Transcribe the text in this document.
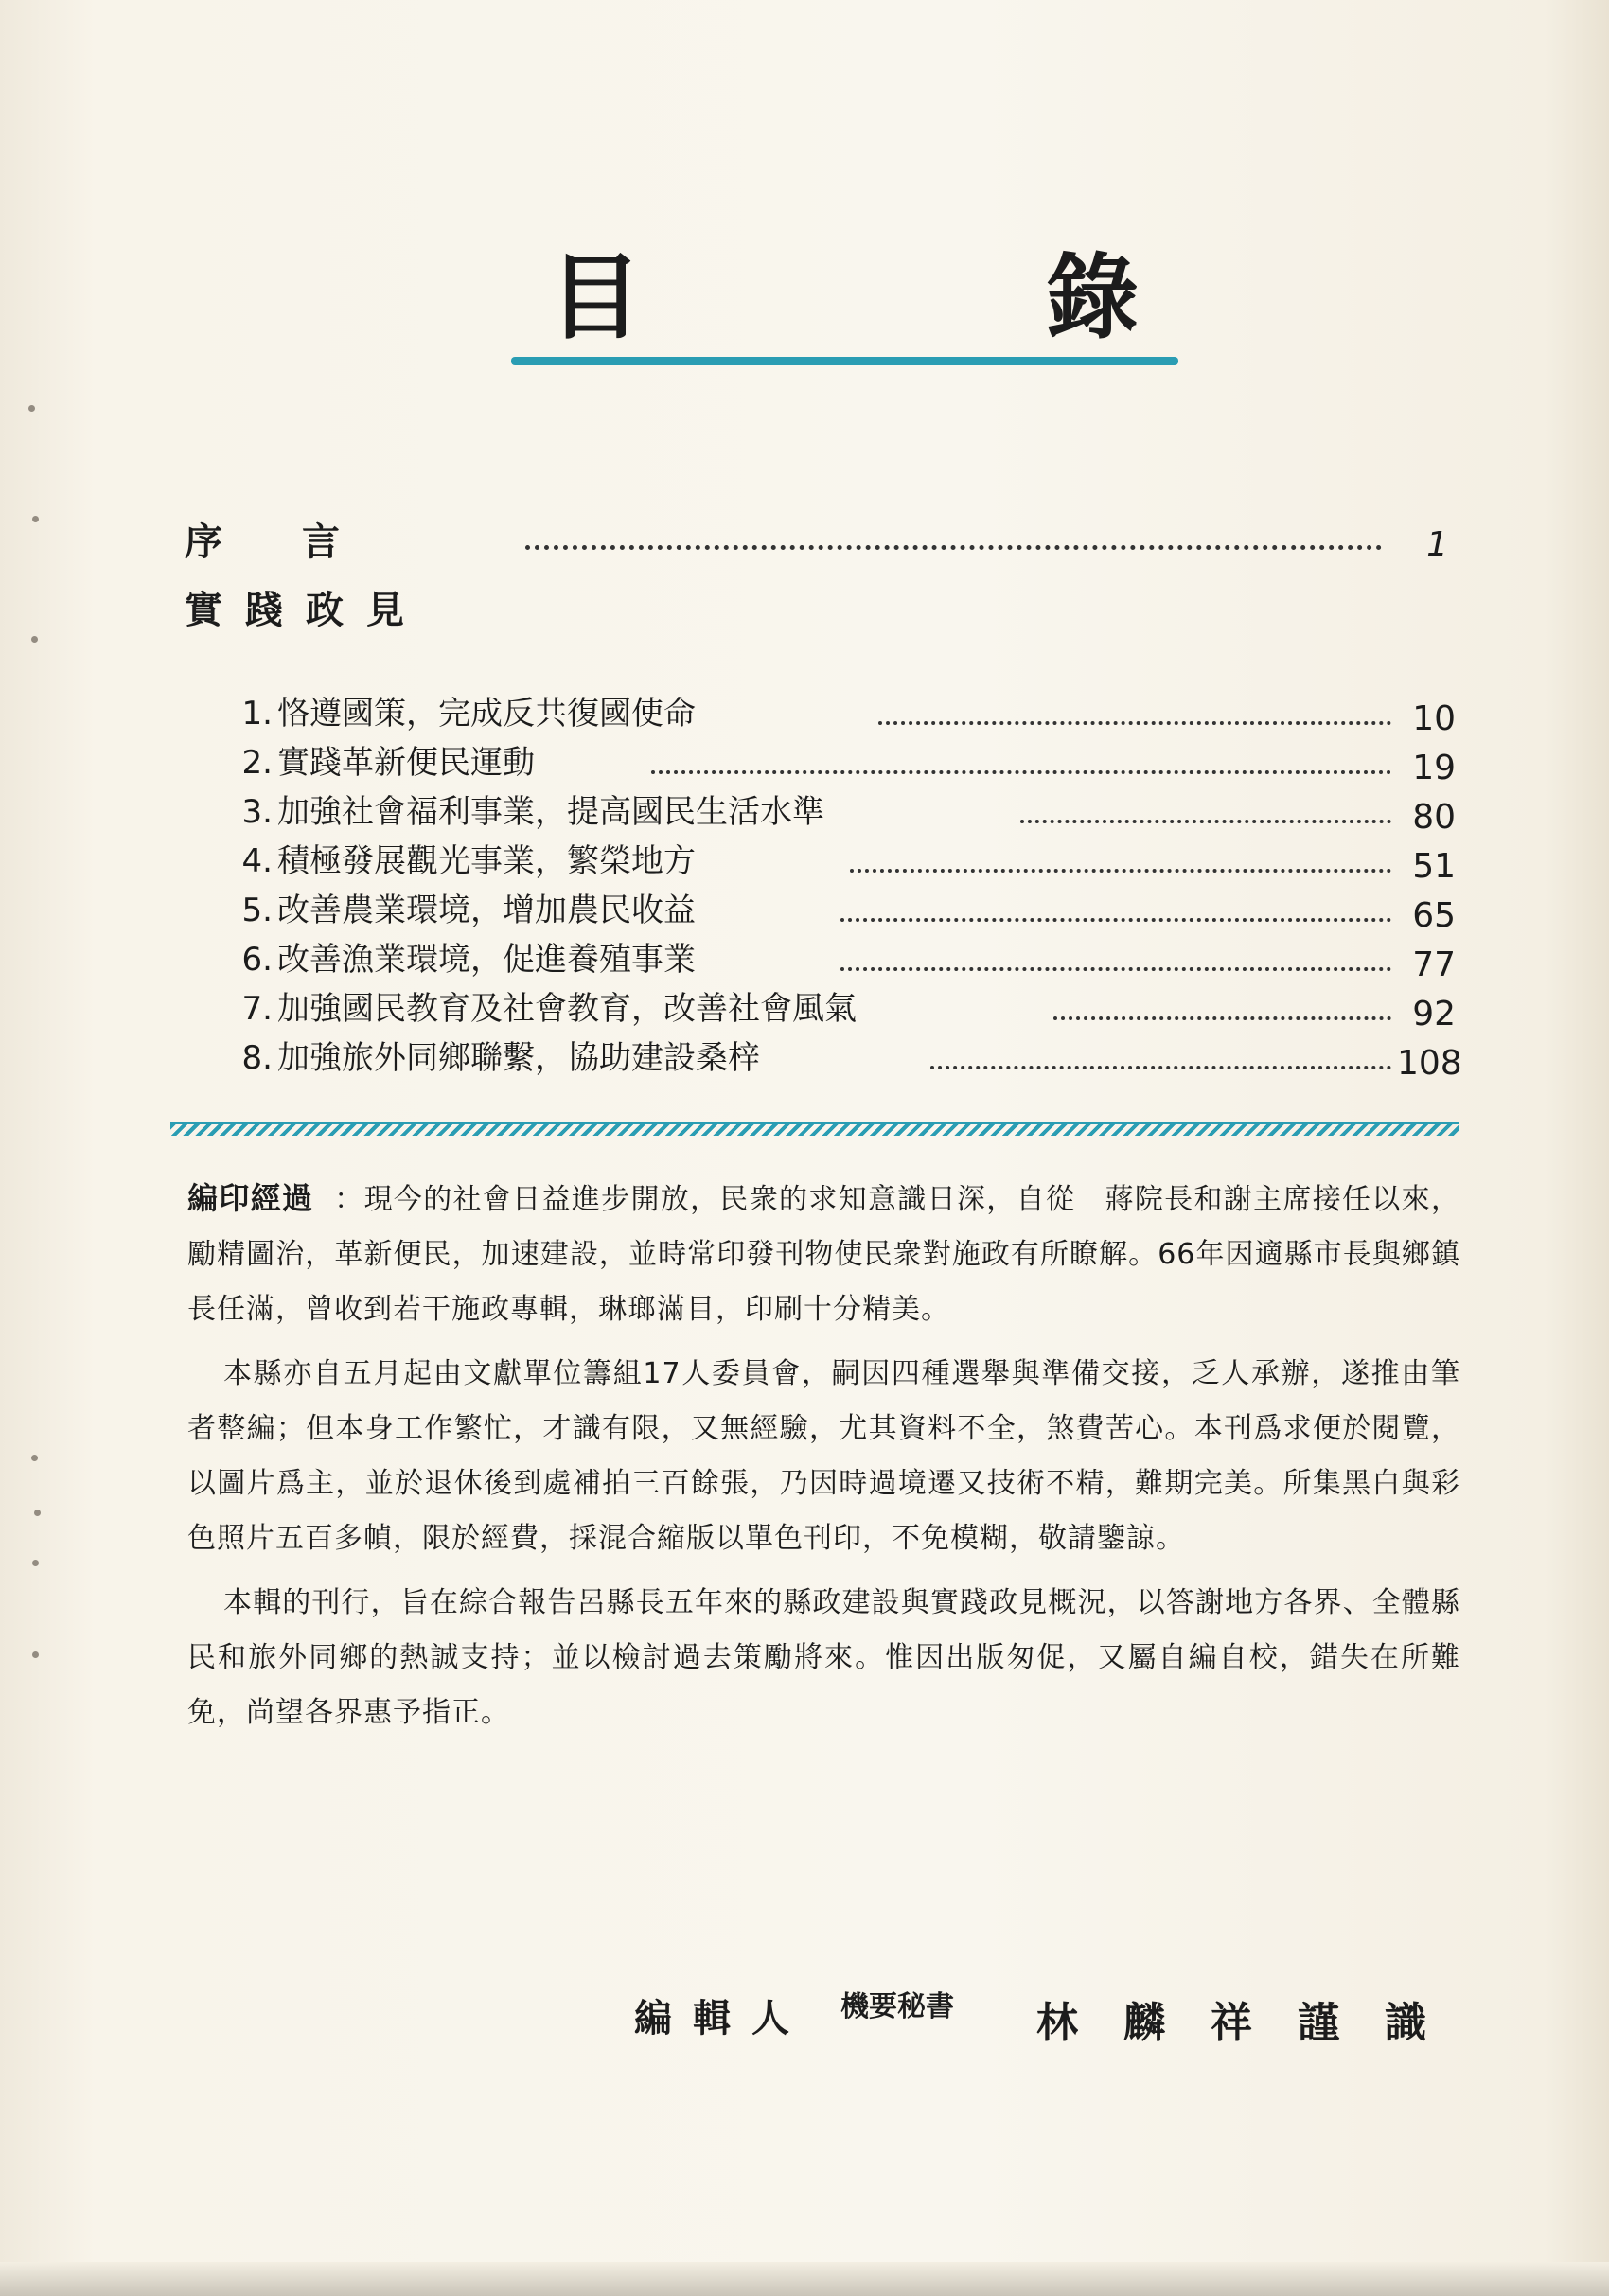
目	錄
序　言	1
實踐政見
1. 恪遵國策，完成反共復國使命	10
2. 實踐革新便民運動	19
3. 加強社會福利事業，提高國民生活水準	80
4. 積極發展觀光事業，繁榮地方	51
5. 改善農業環境，增加農民收益	65
6. 改善漁業環境，促進養殖事業	77
7. 加強國民教育及社會教育，改善社會風氣	92
8. 加強旅外同鄉聯繫，協助建設桑梓	108

編印經過 ：現今的社會日益進步開放，民衆的求知意識日深，自從　蔣院長和謝主席接任以來，勵精圖治，革新便民，加速建設，並時常印發刊物使民衆對施政有所瞭解。66年因適縣市長與鄉鎮長任滿，曾收到若干施政專輯，琳瑯滿目，印刷十分精美。

本縣亦自五月起由文獻單位籌組17人委員會，嗣因四種選舉與準備交接，乏人承辦，遂推由筆者整編；但本身工作繁忙，才識有限，又無經驗，尤其資料不全，煞費苦心。本刊爲求便於閱覽，以圖片爲主，並於退休後到處補拍三百餘張，乃因時過境遷又技術不精，難期完美。所集黑白與彩色照片五百多幀，限於經費，採混合縮版以單色刊印，不免模糊，敬請鑒諒。

本輯的刊行，旨在綜合報告呂縣長五年來的縣政建設與實踐政見概況，以答謝地方各界、全體縣民和旅外同鄉的熱誠支持；並以檢討過去策勵將來。惟因出版匆促，又屬自編自校，錯失在所難免，尚望各界惠予指正。

編輯人 機要秘書 林麟祥謹識
